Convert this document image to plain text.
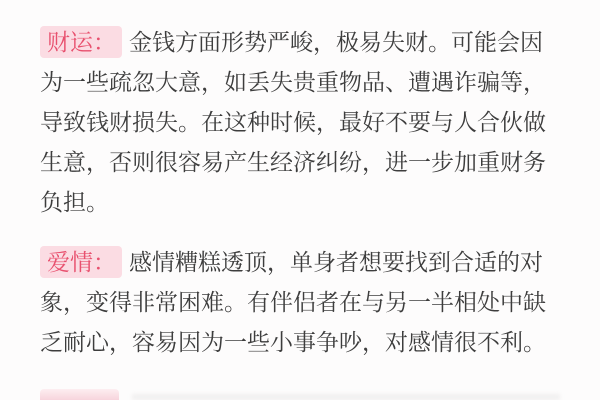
财运： 金钱方面形势严峻，极易失财。可能会因为一些疏忽大意，如丢失贵重物品、遭遇诈骗等，导致钱财损失。在这种时候，最好不要与人合伙做生意，否则很容易产生经济纠纷，进一步加重财务负担。

爱情： 感情糟糕透顶，单身者想要找到合适的对象，变得非常困难。有伴侣者在与另一半相处中缺乏耐心，容易因为一些小事争吵，对感情很不利。
